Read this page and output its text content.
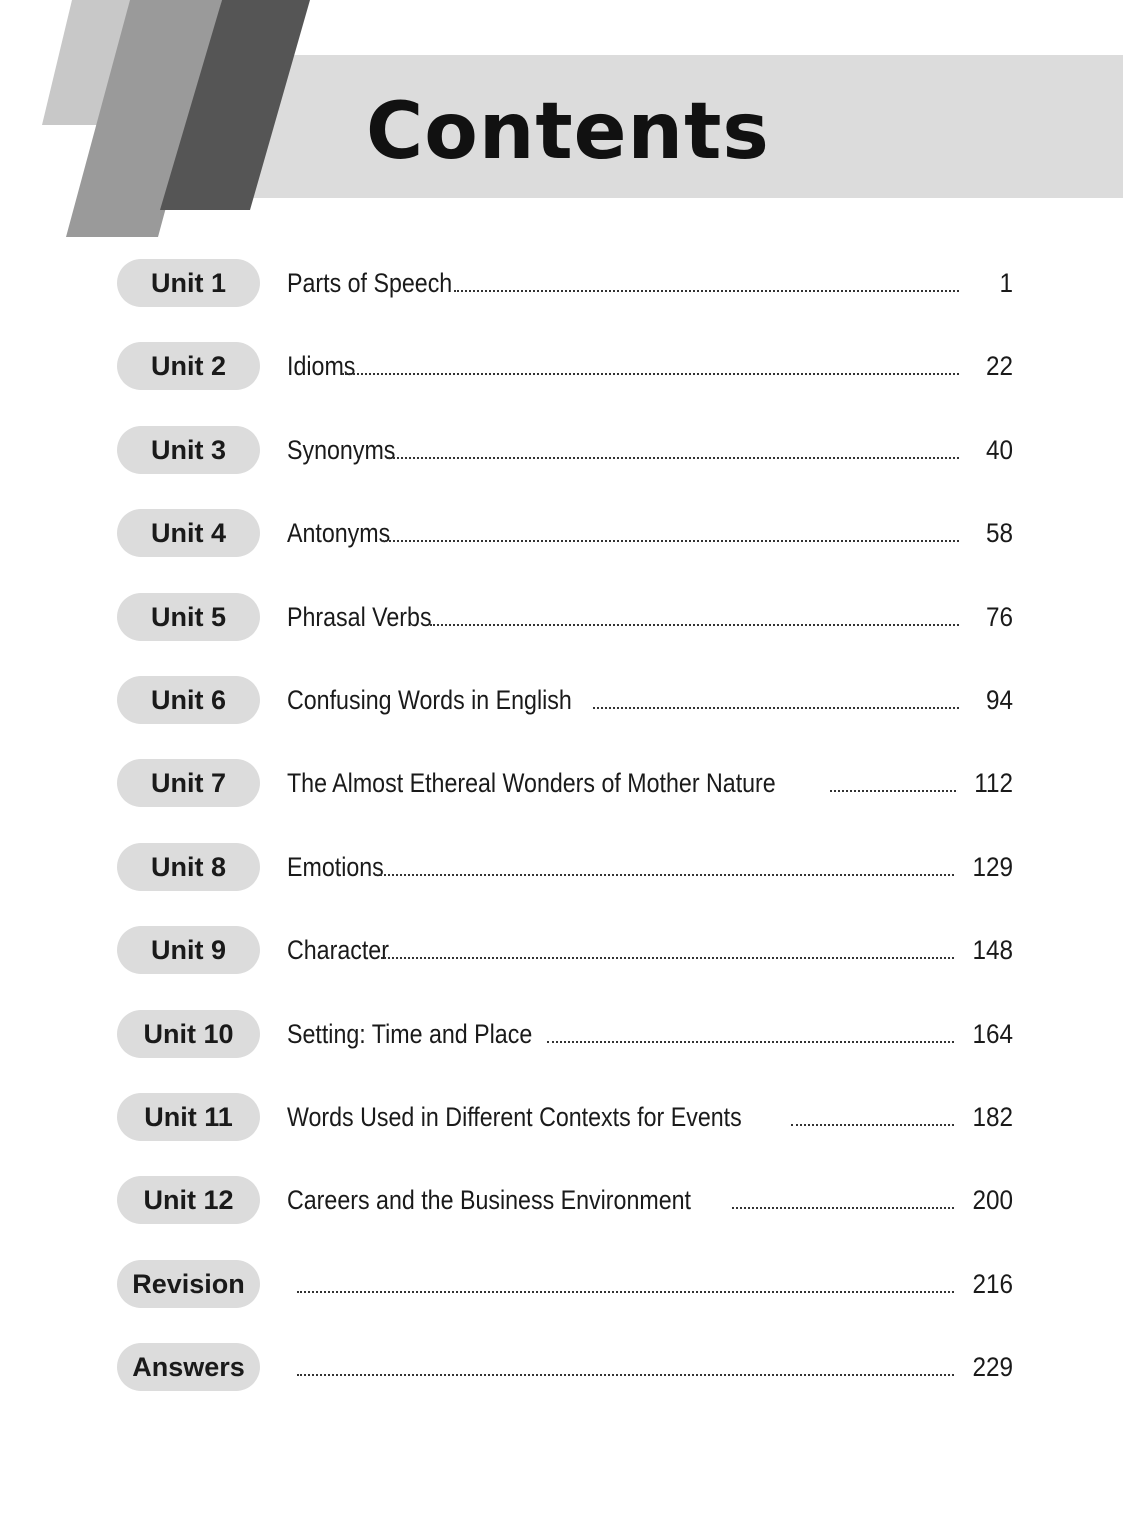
Contents
Unit 1	Parts of Speech	1
Unit 2	Idioms	22
Unit 3	Synonyms	40
Unit 4	Antonyms	58
Unit 5	Phrasal Verbs	76
Unit 6	Confusing Words in English	94
Unit 7	The Almost Ethereal Wonders of Mother Nature	112
Unit 8	Emotions	129
Unit 9	Character	148
Unit 10	Setting: Time and Place	164
Unit 11	Words Used in Different Contexts for Events	182
Unit 12	Careers and the Business Environment	200
Revision	216
Answers	229
